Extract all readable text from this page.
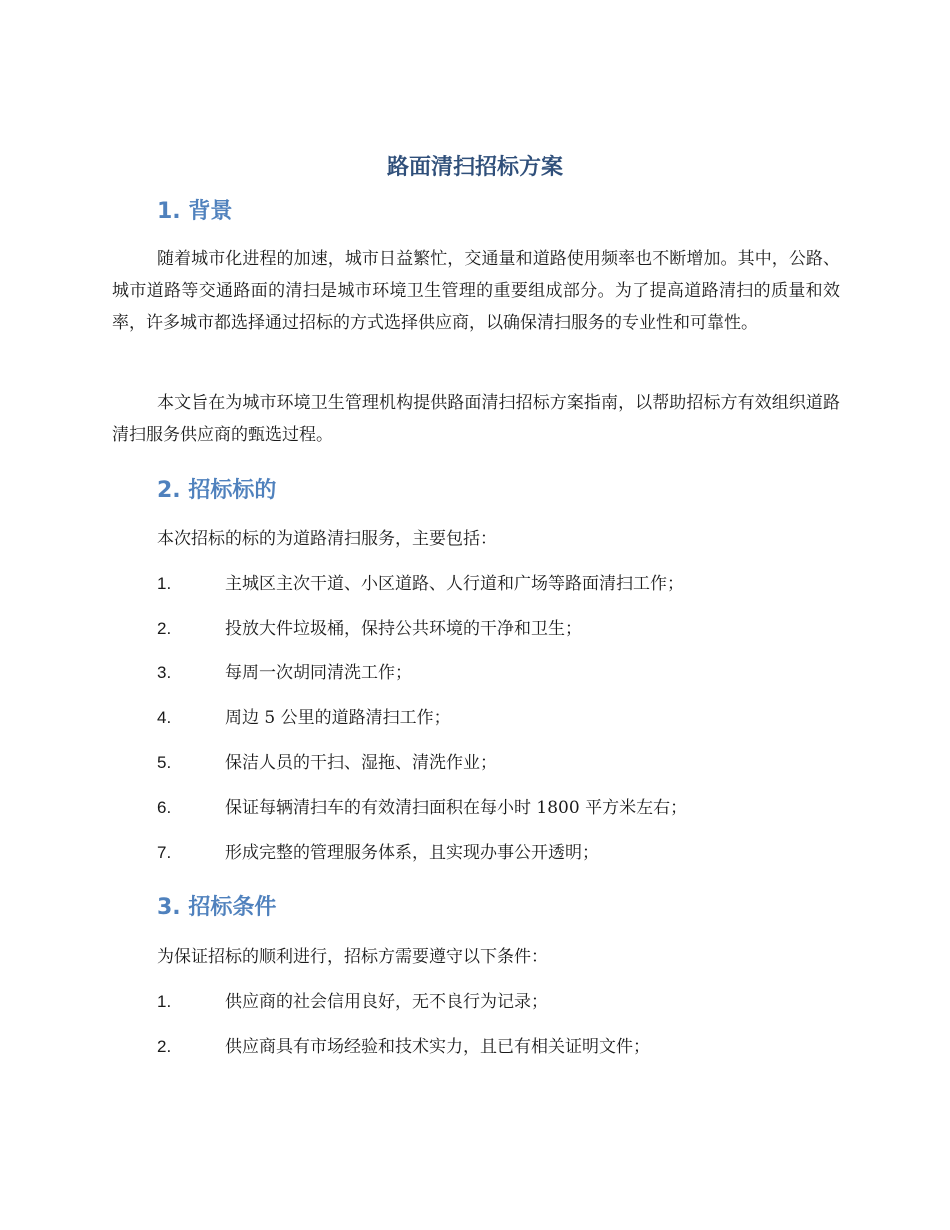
路面清扫招标方案
1. 背景

随着城市化进程的加速，城市日益繁忙，交通量和道路使用频率也不断增加。其中，公路、城市道路等交通路面的清扫是城市环境卫生管理的重要组成部分。为了提高道路清扫的质量和效率，许多城市都选择通过招标的方式选择供应商，以确保清扫服务的专业性和可靠性。

本文旨在为城市环境卫生管理机构提供路面清扫招标方案指南，以帮助招标方有效组织道路清扫服务供应商的甄选过程。

2. 招标标的

本次招标的标的为道路清扫服务，主要包括：

1.	主城区主次干道、小区道路、人行道和广场等路面清扫工作；
2.	投放大件垃圾桶，保持公共环境的干净和卫生；
3.	每周一次胡同清洗工作；
4.	周边 5 公里的道路清扫工作；
5.	保洁人员的干扫、湿拖、清洗作业；
6.	保证每辆清扫车的有效清扫面积在每小时 1800 平方米左右；
7.	形成完整的管理服务体系，且实现办事公开透明；
3. 招标条件

为保证招标的顺利进行，招标方需要遵守以下条件：

1.	供应商的社会信用良好，无不良行为记录；
2.	供应商具有市场经验和技术实力，且已有相关证明文件；
